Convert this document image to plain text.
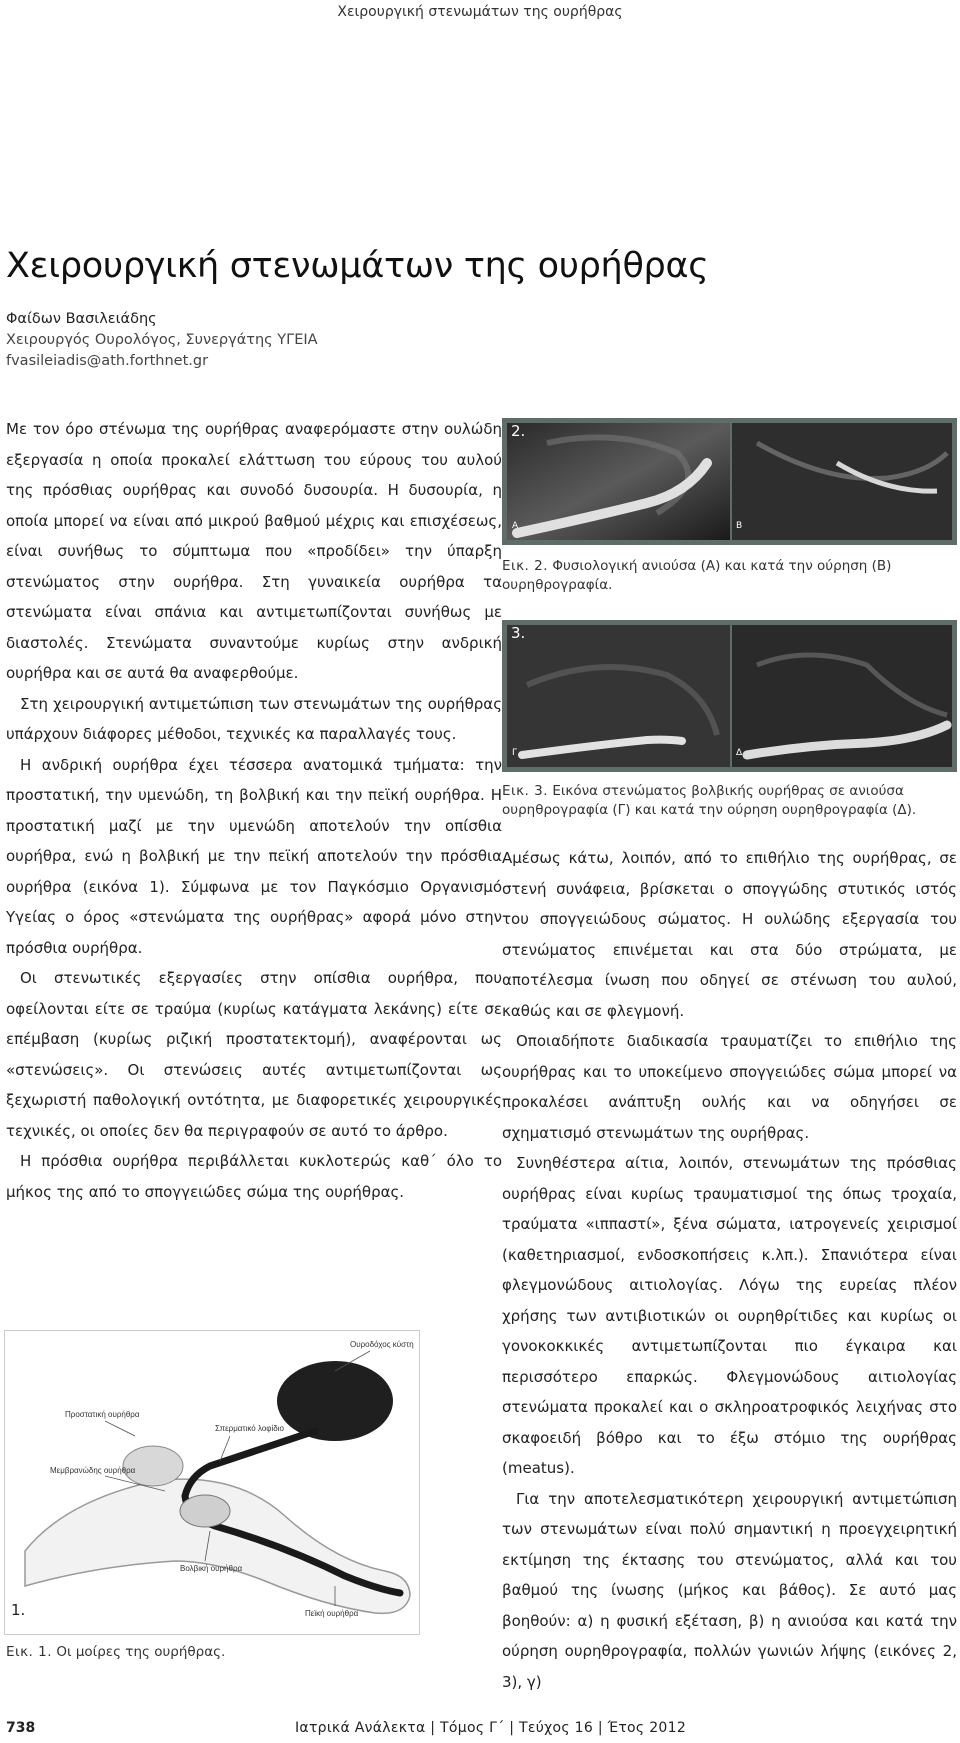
Χειρουργική στενωμάτων της ουρήθρας
Χειρουργική στενωμάτων της ουρήθρας
Φαίδων Βασιλειάδης
Χειρουργός Ουρολόγος, Συνεργάτης ΥΓΕΙΑ
fvasileiadis@ath.forthnet.gr

Με τον όρο στένωμα της ουρήθρας αναφερόμαστε στην ουλώδη εξεργασία η οποία προκαλεί ελάττωση του εύρους του αυλού της πρόσθιας ουρήθρας και συνοδό δυσουρία. Η δυσουρία, η οποία μπορεί να είναι από μικρού βαθμού μέχρις και επισχέσεως, είναι συνήθως το σύμπτωμα που «προδίδει» την ύπαρξη στενώματος στην ουρήθρα. Στη γυναικεία ουρήθρα τα στενώματα είναι σπάνια και αντιμετωπίζονται συνήθως με διαστολές. Στενώματα συναντούμε κυρίως στην ανδρική ουρήθρα και σε αυτά θα αναφερθούμε.

Στη χειρουργική αντιμετώπιση των στενωμάτων της ουρήθρας υπάρχουν διάφορες μέθοδοι, τεχνικές κα παραλλαγές τους.

Η ανδρική ουρήθρα έχει τέσσερα ανατομικά τμήματα: την προστατική, την υμενώδη, τη βολβική και την πεϊκή ουρήθρα. Η προστατική μαζί με την υμενώδη αποτελούν την οπίσθια ουρήθρα, ενώ η βολβική με την πεϊκή αποτελούν την πρόσθια ουρήθρα (εικόνα 1). Σύμφωνα με τον Παγκόσμιο Οργανισμό Υγείας ο όρος «στενώματα της ουρήθρας» αφορά μόνο στην πρόσθια ουρήθρα.

Οι στενωτικές εξεργασίες στην οπίσθια ουρήθρα, που οφείλονται είτε σε τραύμα (κυρίως κατάγματα λεκάνης) είτε σε επέμβαση (κυρίως ριζική προστατεκτομή), αναφέρονται ως «στενώσεις». Οι στενώσεις αυτές αντιμετωπίζονται ως ξεχωριστή παθολογική οντότητα, με διαφορετικές χειρουργικές τεχνικές, οι οποίες δεν θα περιγραφούν σε αυτό το άρθρο.

Η πρόσθια ουρήθρα περιβάλλεται κυκλοτερώς καθ΄ όλο το μήκος της από το σπογγειώδες σώμα της ουρήθρας.

2.
A	B
Εικ. 2. Φυσιολογική ανιούσα (Α) και κατά την ούρηση (Β) ουρηθρογραφία.
3.
Γ	Δ
Εικ. 3. Εικόνα στενώματος βολβικής ουρήθρας σε ανιούσα ουρηθρογραφία (Γ) και κατά την ούρηση ουρηθρογραφία (Δ).

Αμέσως κάτω, λοιπόν, από το επιθήλιο της ουρήθρας, σε στενή συνάφεια, βρίσκεται ο σπογγώδης στυτικός ιστός του σπογγειώδους σώματος. Η ουλώδης εξεργασία του στενώματος επινέμεται και στα δύο στρώματα, με αποτέλεσμα ίνωση που οδηγεί σε στένωση του αυλού, καθώς και σε φλεγμονή.

Οποιαδήποτε διαδικασία τραυματίζει το επιθήλιο της ουρήθρας και το υποκείμενο σπογγειώδες σώμα μπορεί να προκαλέσει ανάπτυξη ουλής και να οδηγήσει σε σχηματισμό στενωμάτων της ουρήθρας.

Συνηθέστερα αίτια, λοιπόν, στενωμάτων της πρόσθιας ουρήθρας είναι κυρίως τραυματισμοί της όπως τροχαία, τραύματα «ιππαστί», ξένα σώματα, ιατρογενείς χειρισμοί (καθετηριασμοί, ενδοσκοπήσεις κ.λπ.). Σπανιότερα είναι φλεγμονώδους αιτιολογίας. Λόγω της ευρείας πλέον χρήσης των αντιβιοτικών οι ουρηθρίτιδες και κυρίως οι γονοκοκκικές αντιμετωπίζονται πιο έγκαιρα και περισσότερο επαρκώς. Φλεγμονώδους αιτιολογίας στενώματα προκαλεί και ο σκληροατροφικός λειχήνας στο σκαφοειδή βόθρο και το έξω στόμιο της ουρήθρας (meatus).

Για την αποτελεσματικότερη χειρουργική αντιμετώπιση των στενωμάτων είναι πολύ σημαντική η προεγχειρητική εκτίμηση της έκτασης του στενώματος, αλλά και του βαθμού της ίνωσης (μήκος και βάθος). Σε αυτό μας βοηθούν: α) η φυσική εξέταση, β) η ανιούσα και κατά την ούρηση ουρηθρογραφία, πολλών γωνιών λήψης (εικόνες 2, 3), γ)

Ουροδόχος κύστη
Προστατική ουρήθρα
Μεμβρανώδης ουρήθρα
Σπερματικό λοφίδιο
Βολβική ουρήθρα
Πεϊκή ουρήθρα
1.
Εικ. 1. Οι μοίρες της ουρήθρας.
738	Ιατρικά Ανάλεκτα | Τόμος Γ΄ | Τεύχος 16 | Έτος 2012
